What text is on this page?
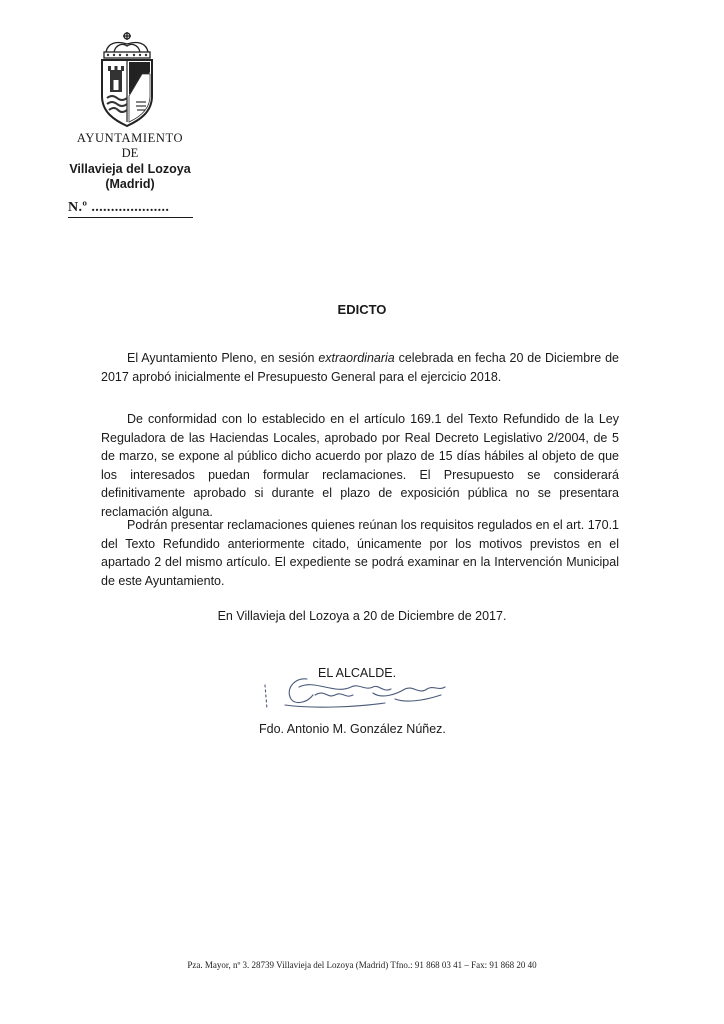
AYUNTAMIENTO
DE
Villavieja del Lozoya
(Madrid)
N.º ....................
EDICTO

El Ayuntamiento Pleno, en sesión extraordinaria celebrada en fecha 20 de Diciembre de 2017 aprobó inicialmente el Presupuesto General para el ejercicio 2018.

De conformidad con lo establecido en el artículo 169.1 del Texto Refundido de la Ley Reguladora de las Haciendas Locales, aprobado por Real Decreto Legislativo 2/2004, de 5 de marzo, se expone al público dicho acuerdo por plazo de 15 días hábiles al objeto de que los interesados puedan formular reclamaciones. El Presupuesto se considerará definitivamente aprobado si durante el plazo de exposición pública no se presentara reclamación alguna.

Podrán presentar reclamaciones quienes reúnan los requisitos regulados en el art. 170.1 del Texto Refundido anteriormente citado, únicamente por los motivos previstos en el apartado 2 del mismo artículo. El expediente se podrá examinar en la Intervención Municipal de este Ayuntamiento.

En Villavieja del Lozoya a 20 de Diciembre de 2017.
EL ALCALDE.
Fdo. Antonio M. González Núñez.
Pza. Mayor, nº 3. 28739 Villavieja del Lozoya (Madrid) Tfno.: 91 868 03 41 – Fax: 91 868 20 40
